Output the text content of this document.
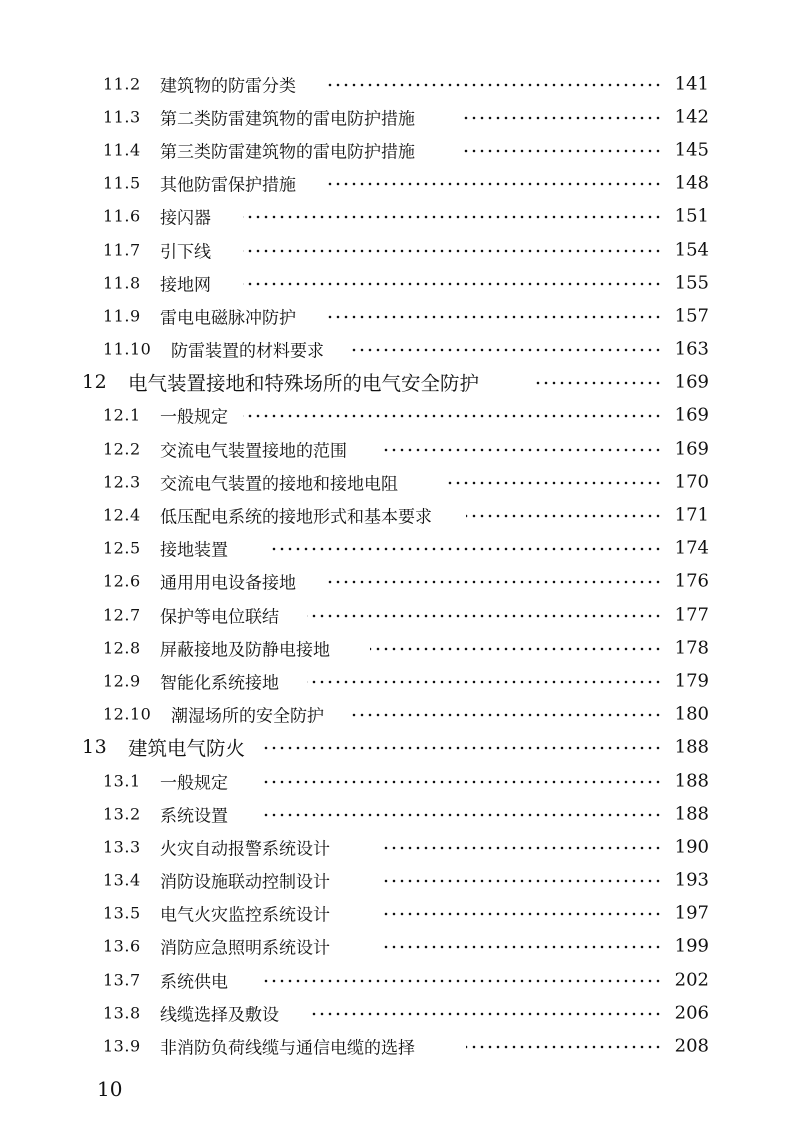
11.2 建筑物的防雷分类	141
11.3 第二类防雷建筑物的雷电防护措施	142
11.4 第三类防雷建筑物的雷电防护措施	145
11.5 其他防雷保护措施	148
11.6 接闪器	151
11.7 引下线	154
11.8 接地网	155
11.9 雷电电磁脉冲防护	157
11.10 防雷装置的材料要求	163
12 电气装置接地和特殊场所的电气安全防护	169
12.1 一般规定	169
12.2 交流电气装置接地的范围	169
12.3 交流电气装置的接地和接地电阻	170
12.4 低压配电系统的接地形式和基本要求	171
12.5 接地装置	174
12.6 通用用电设备接地	176
12.7 保护等电位联结	177
12.8 屏蔽接地及防静电接地	178
12.9 智能化系统接地	179
12.10 潮湿场所的安全防护	180
13 建筑电气防火	188
13.1 一般规定	188
13.2 系统设置	188
13.3 火灾自动报警系统设计	190
13.4 消防设施联动控制设计	193
13.5 电气火灾监控系统设计	197
13.6 消防应急照明系统设计	199
13.7 系统供电	202
13.8 线缆选择及敷设	206
13.9 非消防负荷线缆与通信电缆的选择	208
10
